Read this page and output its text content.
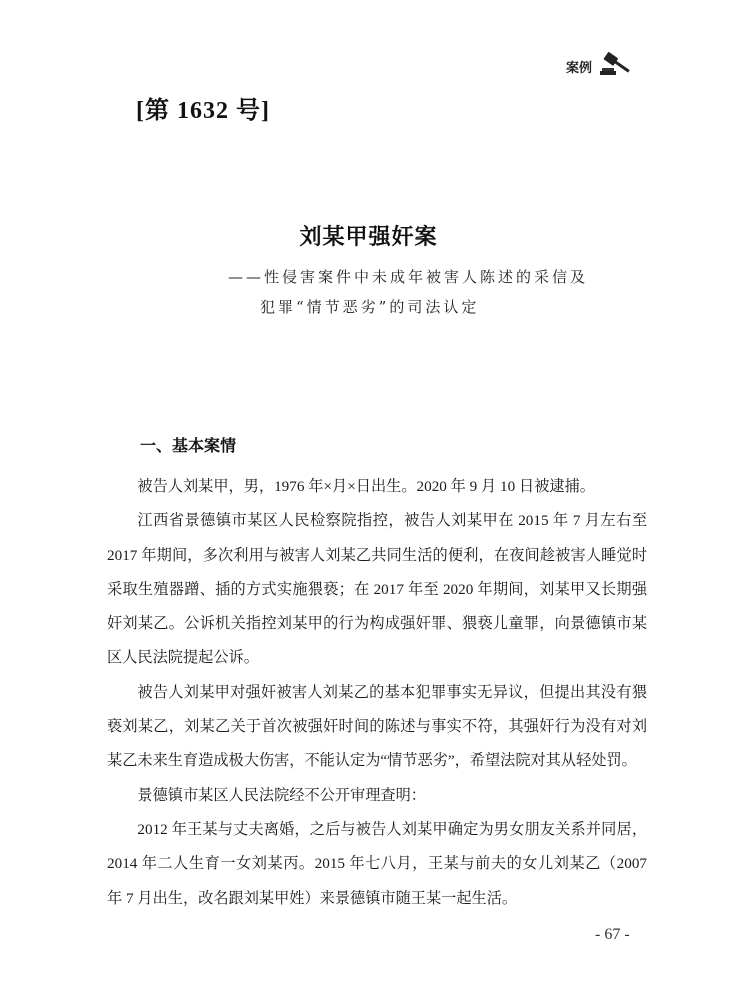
案例
[第 1632 号]
刘某甲强奸案
——性侵害案件中未成年被害人陈述的采信及
犯罪“情节恶劣”的司法认定
一、基本案情

被告人刘某甲，男，1976 年×月×日出生。2020 年 9 月 10 日被逮捕。

江西省景德镇市某区人民检察院指控，被告人刘某甲在 2015 年 7 月左右至 2017 年期间，多次利用与被害人刘某乙共同生活的便利，在夜间趁被害人睡觉时采取生殖器蹭、插的方式实施猥亵；在 2017 年至 2020 年期间，刘某甲又长期强奸刘某乙。公诉机关指控刘某甲的行为构成强奸罪、猥亵儿童罪，向景德镇市某区人民法院提起公诉。

被告人刘某甲对强奸被害人刘某乙的基本犯罪事实无异议，但提出其没有猥亵刘某乙，刘某乙关于首次被强奸时间的陈述与事实不符，其强奸行为没有对刘某乙未来生育造成极大伤害，不能认定为“情节恶劣”，希望法院对其从轻处罚。

景德镇市某区人民法院经不公开审理查明：

2012 年王某与丈夫离婚，之后与被告人刘某甲确定为男女朋友关系并同居，2014 年二人生育一女刘某丙。2015 年七八月，王某与前夫的女儿刘某乙（2007 年 7 月出生，改名跟刘某甲姓）来景德镇市随王某一起生活。

- 67 -
